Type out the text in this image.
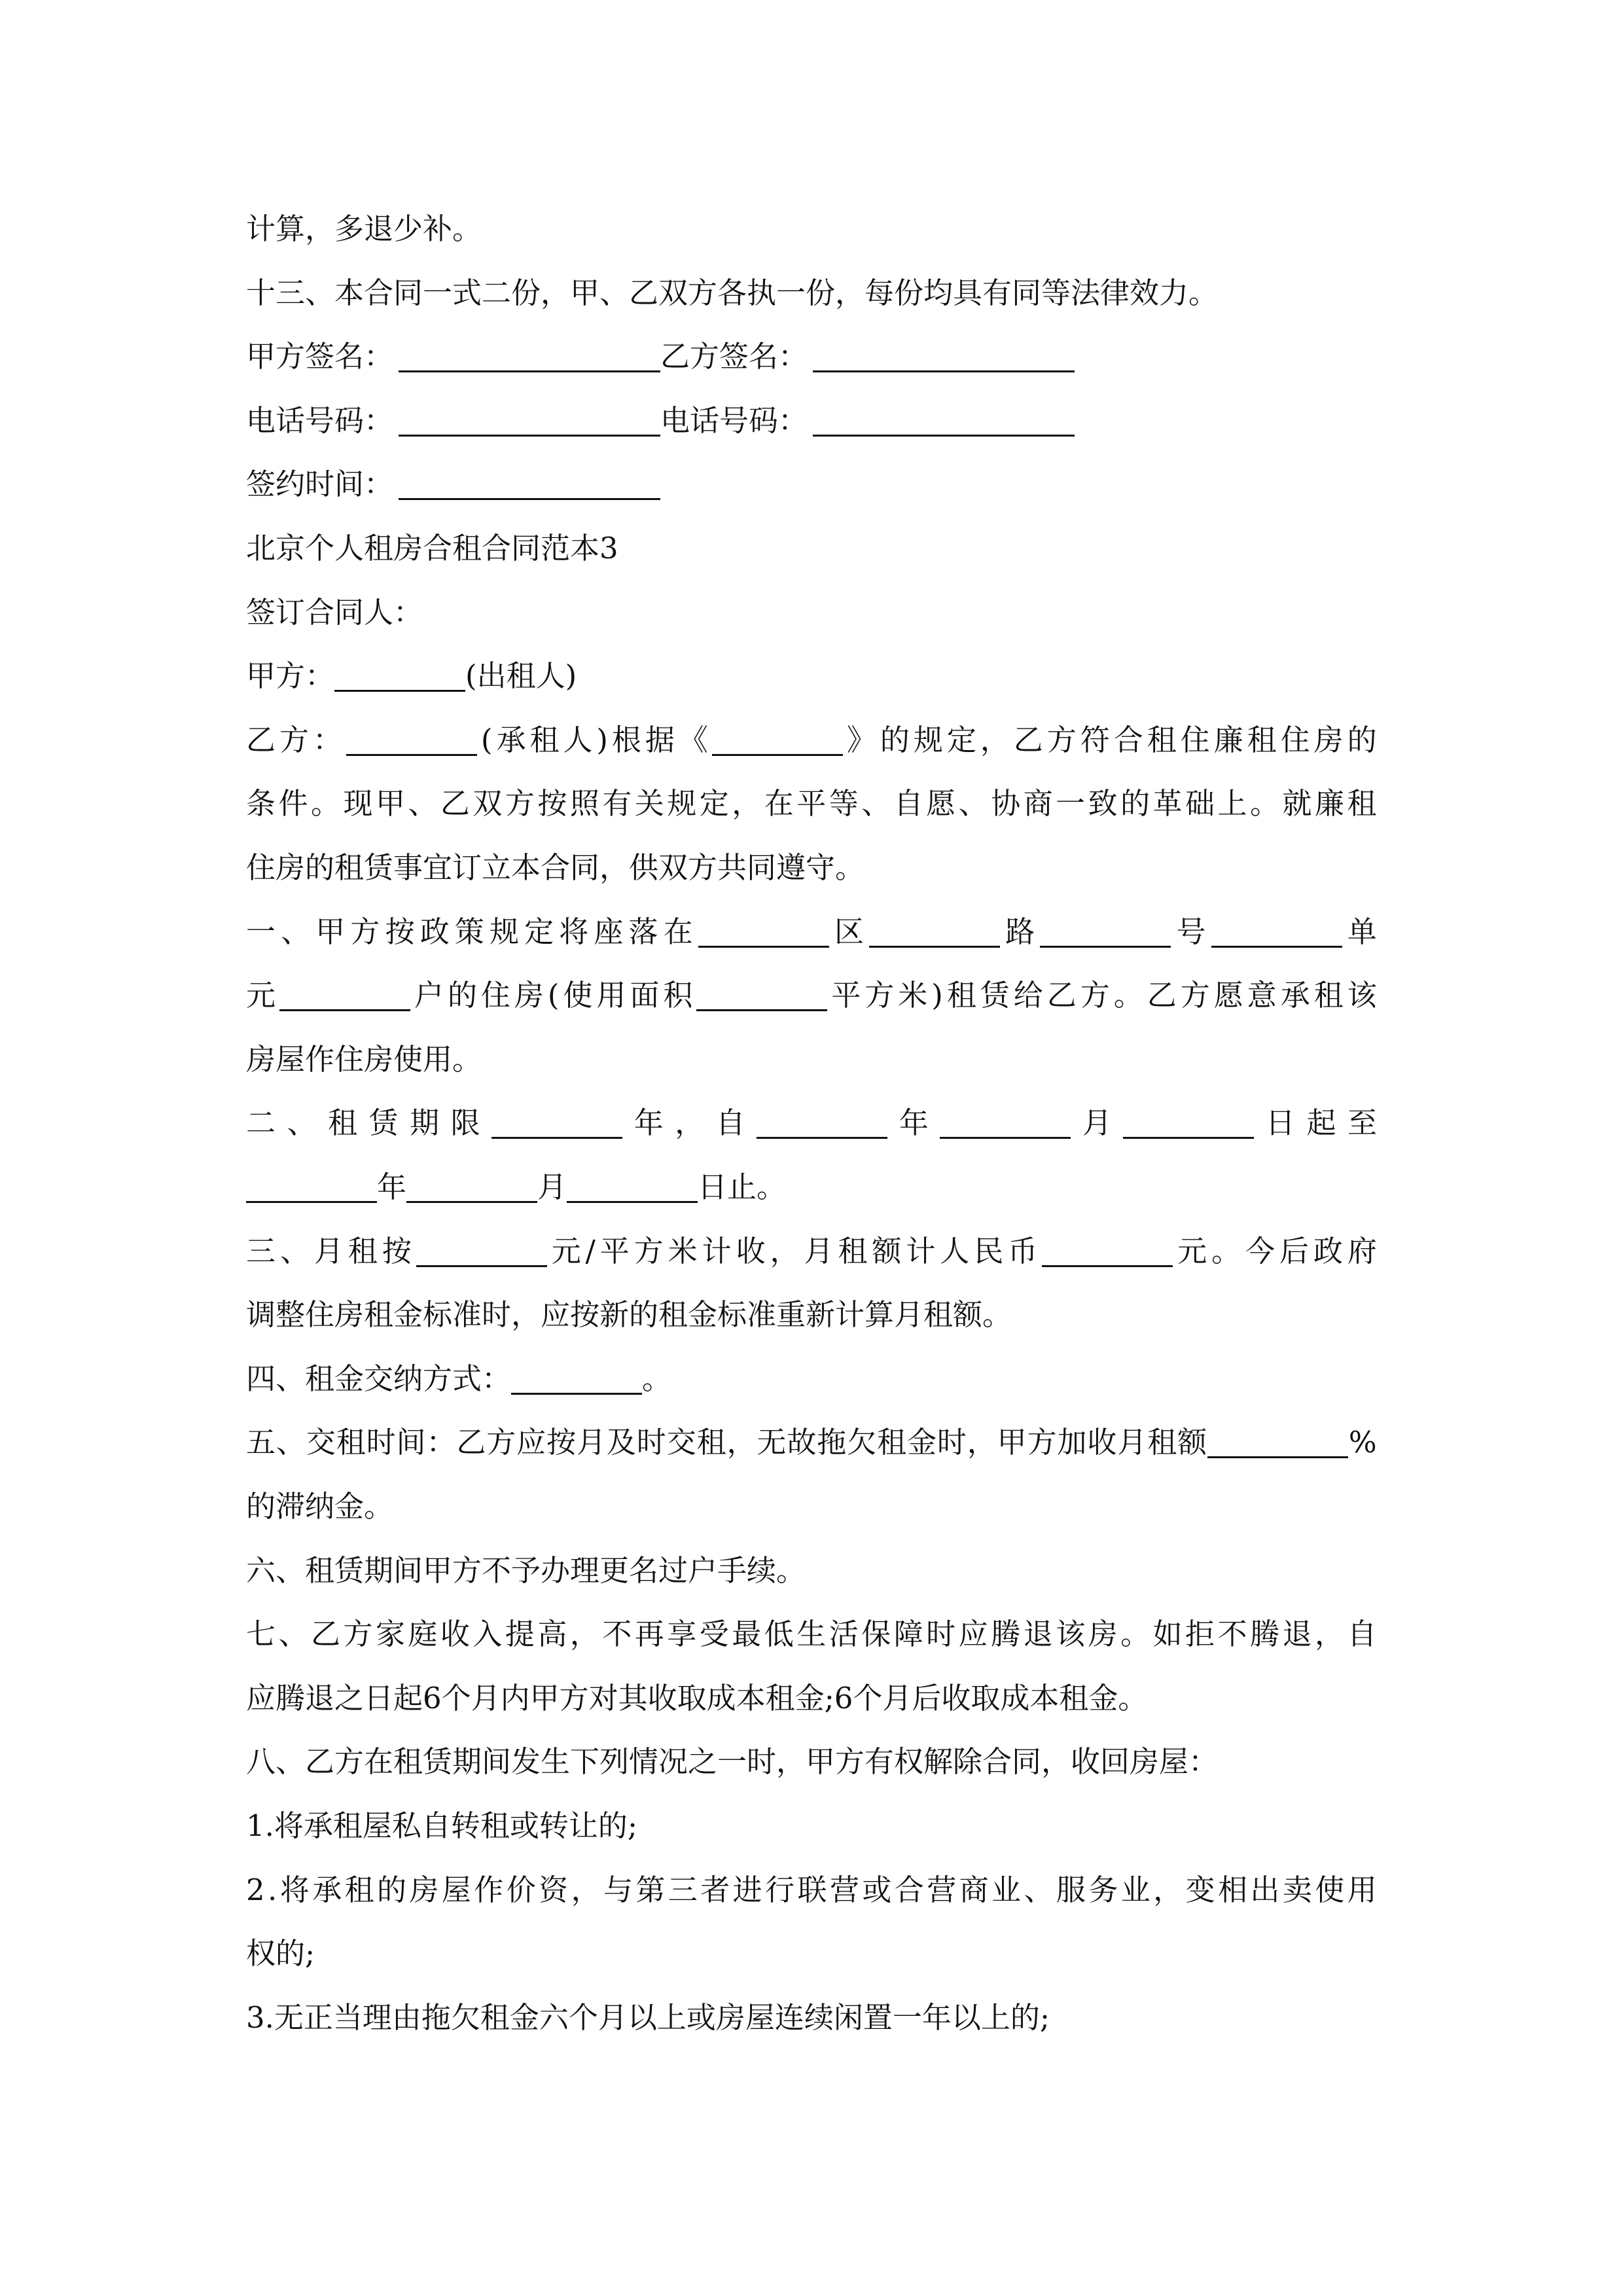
计算，多退少补。
十三、本合同一式二份，甲、乙双方各执一份，每份均具有同等法律效力。
甲方签名：	乙方签名：
电话号码：	电话号码：
签约时间：
北京个人租房合租合同范本3
签订合同人：
甲方：	(出租人)
乙 方 ：	( 承 租 人 ) 根 据 《	》 的 规 定 ， 乙 方 符 合 租 住 廉 租 住 房 的
条 件 。 现 甲 、 乙 双 方 按 照 有 关 规 定 ， 在 平 等 、 自 愿 、 协 商 一 致 的 革 础 上 。 就 廉 租
住房的租赁事宜订立本合同，供双方共同遵守。
一 、 甲 方 按 政 策 规 定 将 座 落 在	区	路	号	单
元	户 的 住 房 ( 使 用 面 积	平 方 米 ) 租 赁 给 乙 方 。 乙 方 愿 意 承 租 该
房屋作住房使用。
二 、 租 赁 期 限	年 ， 自	年	月	日 起 至
年	月	日止。
三 、 月 租 按	元 / 平 方 米 计 收 ， 月 租 额 计 人 民 币	元 。 今 后 政 府
调整住房租金标准时，应按新的租金标准重新计算月租额。
四、租金交纳方式：	。
五 、 交 租 时 间 ： 乙 方 应 按 月 及 时 交 租 ， 无 故 拖 欠 租 金 时 ， 甲 方 加 收 月 租 额	%
的滞纳金。
六、租赁期间甲方不予办理更名过户手续。
七 、 乙 方 家 庭 收 入 提 高 ， 不 再 享 受 最 低 生 活 保 障 时 应 腾 退 该 房 。 如 拒 不 腾 退 ， 自
应腾退之日起6个月内甲方对其收取成本租金;6个月后收取成本租金。
八、乙方在租赁期间发生下列情况之一时，甲方有权解除合同，收回房屋：
1.将承租屋私自转租或转让的;
2 . 将 承 租 的 房 屋 作 价 资 ， 与 第 三 者 进 行 联 营 或 合 营 商 业 、 服 务 业 ， 变 相 出 卖 使 用
权的;
3.无正当理由拖欠租金六个月以上或房屋连续闲置一年以上的;
